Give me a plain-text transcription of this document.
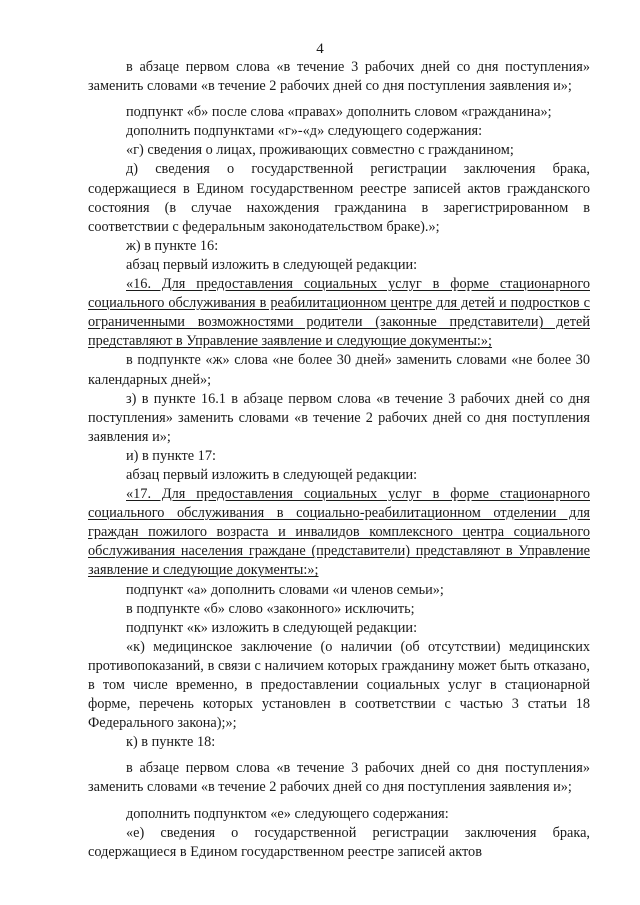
4

в абзаце первом слова «в течение 3 рабочих дней со дня поступления» заменить словами «в течение 2 рабочих дней со дня поступления заявления и»;

подпункт «б» после слова «правах» дополнить словом «гражданина»;

дополнить подпунктами «г»-«д» следующего содержания:

«г) сведения о лицах, проживающих совместно с гражданином;

д) сведения о государственной регистрации заключения брака, содержащиеся в Едином государственном реестре записей актов гражданского состояния (в случае нахождения гражданина в зарегистрированном в соответствии с федеральным законодательством браке).»;

ж) в пункте 16:

абзац первый изложить в следующей редакции:

«16. Для предоставления социальных услуг в форме стационарного социального обслуживания в реабилитационном центре для детей и подростков с ограниченными возможностями родители (законные представители) детей представляют в Управление заявление и следующие документы:»;

в подпункте «ж» слова «не более 30 дней» заменить словами «не более 30 календарных дней»;

з) в пункте 16.1 в абзаце первом слова «в течение 3 рабочих дней со дня поступления» заменить словами «в течение 2 рабочих дней со дня поступления заявления и»;

и) в пункте 17:

абзац первый изложить в следующей редакции:

«17. Для предоставления социальных услуг в форме стационарного социального обслуживания в социально-реабилитационном отделении для граждан пожилого возраста и инвалидов комплексного центра социального обслуживания населения граждане (представители) представляют в Управление заявление и следующие документы:»;

подпункт «а» дополнить словами «и членов семьи»;

в подпункте «б» слово «законного» исключить;

подпункт «к» изложить в следующей редакции:

«к) медицинское заключение (о наличии (об отсутствии) медицинских противопоказаний, в связи с наличием которых гражданину может быть отказано, в том числе временно, в предоставлении социальных услуг в стационарной форме, перечень которых установлен в соответствии с частью 3 статьи 18 Федерального закона);»;

к) в пункте 18:

в абзаце первом слова «в течение 3 рабочих дней со дня поступления» заменить словами «в течение 2 рабочих дней со дня поступления заявления и»;

дополнить подпунктом «е» следующего содержания:

«е) сведения о государственной регистрации заключения брака, содержащиеся в Едином государственном реестре записей актов
